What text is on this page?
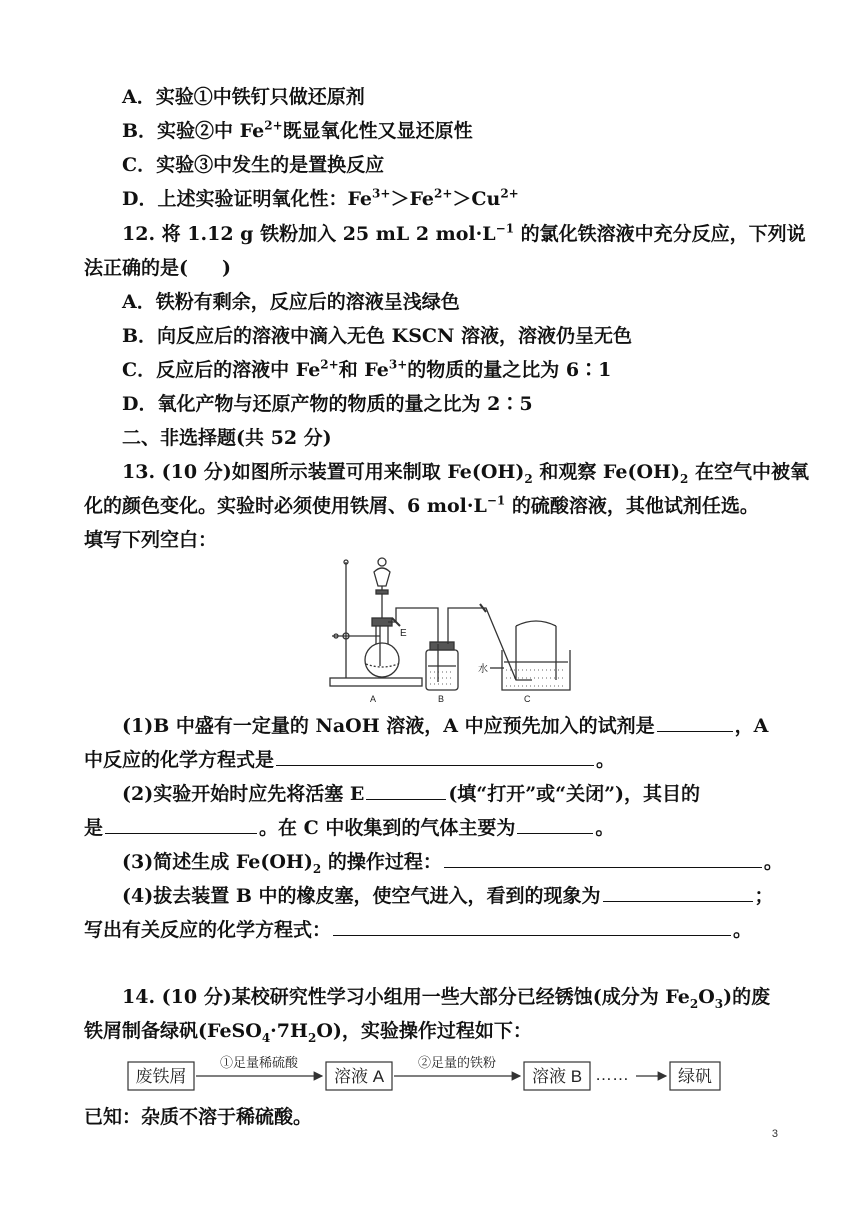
A．实验①中铁钉只做还原剂
B．实验②中 $Fe^{2+}$既显氧化性又显还原性
C．实验③中发生的是置换反应
D．上述实验证明氧化性：$Fe^{3+}>Fe^{2+}>Cu^{2+}$
12. 将 1.12 g 铁粉加入 25 mL 2 $mol\cdot L^{-1}$ 的氯化铁溶液中充分反应，下列说
法正确的是( )
A．铁粉有剩余，反应后的溶液呈浅绿色
B．向反应后的溶液中滴入无色 KSCN 溶液，溶液仍呈无色
C．反应后的溶液中 $Fe^{2+}$和 $Fe^{3+}$的物质的量之比为 6∶1
D．氧化产物与还原产物的物质的量之比为 2∶5
二、非选择题(共 52 分)
13. (10 分)如图所示装置可用来制取 $Fe(OH)_2$ 和观察 $Fe(OH)_2$ 在空气中被氧
化的颜色变化。实验时必须使用铁屑、6 $mol\cdot L^{-1}$ 的硫酸溶液，其他试剂任选。
填写下列空白：
E
水
A	B	C
(1)B 中盛有一定量的 NaOH 溶液，A 中应预先加入的试剂是	，A
中反应的化学方程式是	。
(2)实验开始时应先将活塞 E	(填“打开”或“关闭”)，其目的
是	。在 C 中收集到的气体主要为	。
(3)简述生成 $Fe(OH)_2$ 的操作过程：	。
(4)拔去装置 B 中的橡皮塞，使空气进入，看到的现象为	；
写出有关反应的化学方程式：	。
14. (10 分)某校研究性学习小组用一些大部分已经锈蚀(成分为 $Fe_2O_3$)的废
铁屑制备绿矾$(FeSO_4\cdot 7H_2O)$，实验操作过程如下：
废铁屑
①足量稀硫酸
溶液 A
②足量的铁粉
溶液 B ……	绿矾
已知：杂质不溶于稀硫酸。
3
